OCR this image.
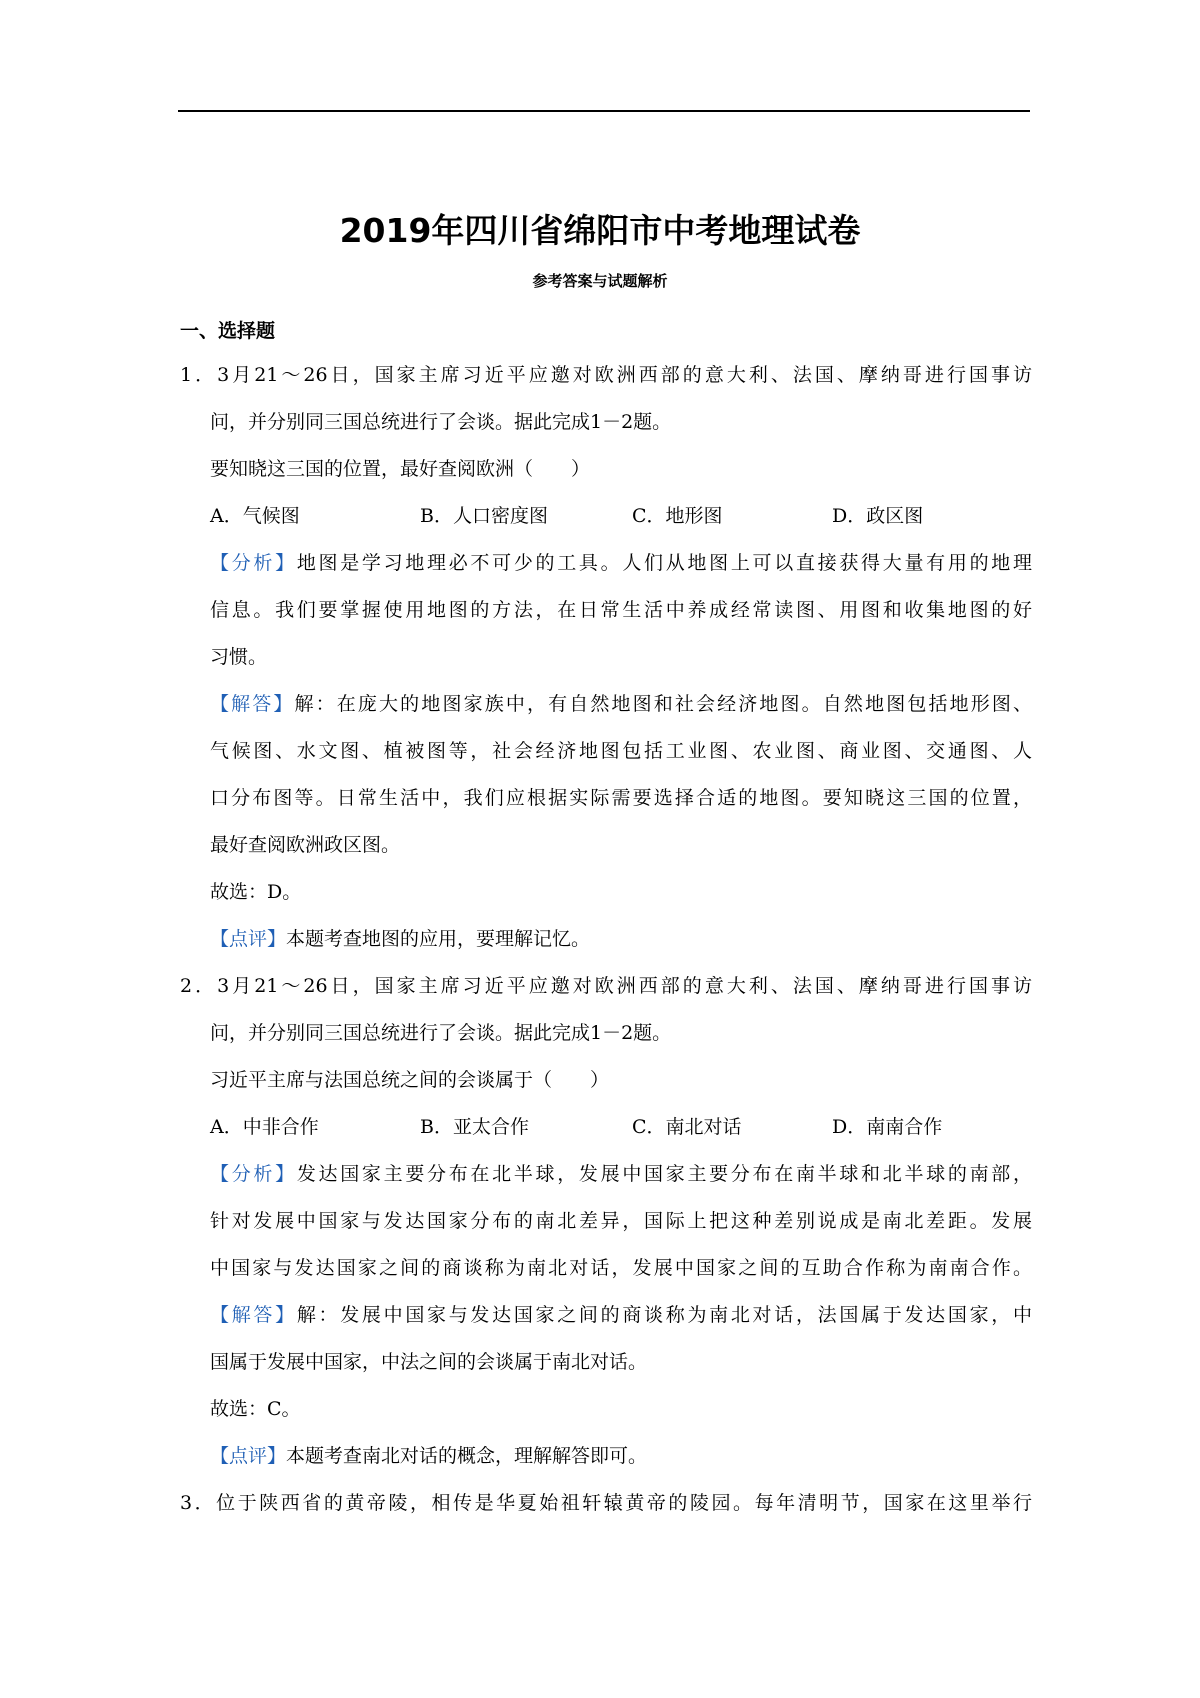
2019年四川省绵阳市中考地理试卷
参考答案与试题解析
一、选择题
1．3月21～26日，国家主席习近平应邀对欧洲西部的意大利、法国、摩纳哥进行国事访
问，并分别同三国总统进行了会谈。据此完成1－2题。
要知晓这三国的位置，最好查阅欧洲（　　）
A．气候图	B．人口密度图	C．地形图	D．政区图
【分析】地图是学习地理必不可少的工具。人们从地图上可以直接获得大量有用的地理
信息。我们要掌握使用地图的方法，在日常生活中养成经常读图、用图和收集地图的好
习惯。
【解答】解：在庞大的地图家族中，有自然地图和社会经济地图。自然地图包括地形图、
气候图、水文图、植被图等，社会经济地图包括工业图、农业图、商业图、交通图、人
口分布图等。日常生活中，我们应根据实际需要选择合适的地图。要知晓这三国的位置，
最好查阅欧洲政区图。
故选：D。
【点评】本题考查地图的应用，要理解记忆。
2．3月21～26日，国家主席习近平应邀对欧洲西部的意大利、法国、摩纳哥进行国事访
问，并分别同三国总统进行了会谈。据此完成1－2题。
习近平主席与法国总统之间的会谈属于（　　）
A．中非合作	B．亚太合作	C．南北对话	D．南南合作
【分析】发达国家主要分布在北半球，发展中国家主要分布在南半球和北半球的南部，
针对发展中国家与发达国家分布的南北差异，国际上把这种差别说成是南北差距。发展
中国家与发达国家之间的商谈称为南北对话，发展中国家之间的互助合作称为南南合作。
【解答】解：发展中国家与发达国家之间的商谈称为南北对话，法国属于发达国家，中
国属于发展中国家，中法之间的会谈属于南北对话。
故选：C。
【点评】本题考查南北对话的概念，理解解答即可。
3．位于陕西省的黄帝陵，相传是华夏始祖轩辕黄帝的陵园。每年清明节，国家在这里举行
